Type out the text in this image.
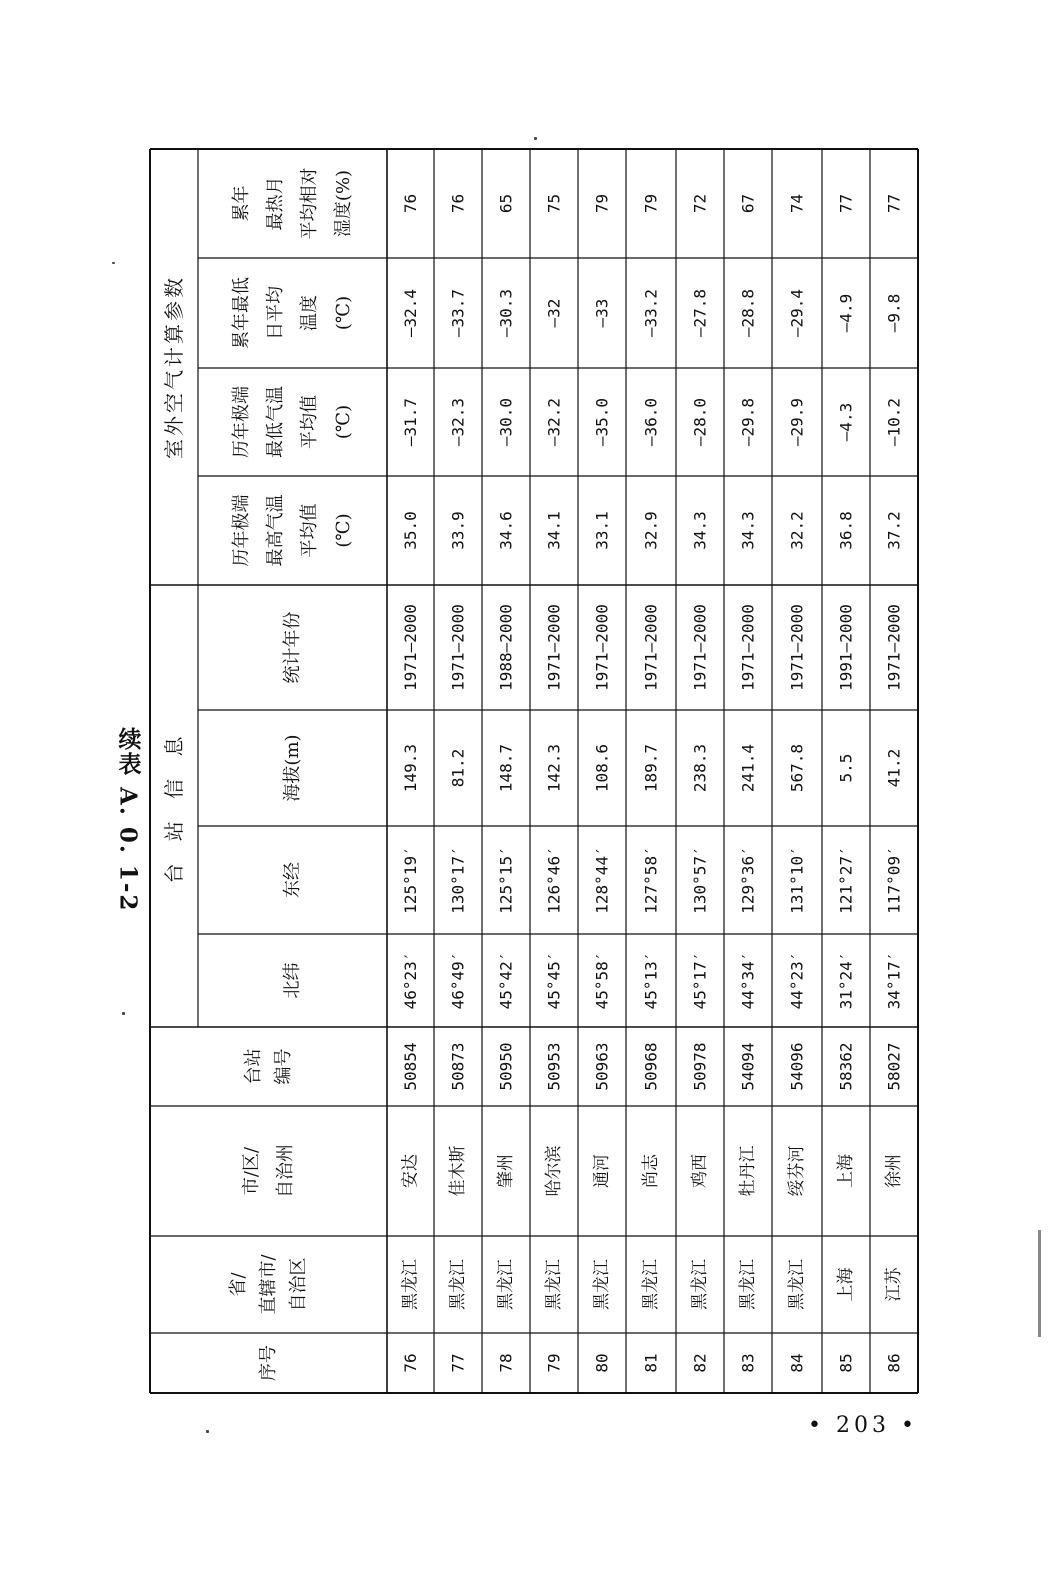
续表 A. 0. 1-2
室外空气计算参数
台 站 信 息
累年 最热月 平均相对 湿度(%)
累年最低 日平均 温度 (℃)
历年极端 最低气温 平均值 (℃)
历年极端 最高气温 平均值 (℃)
统计年份
海拔(m)
东经
北纬
台站 编号
市/区/ 自治州
省/ 直辖市/ 自治区
序号
76
—32.4
—31.7
35.0
1971—2000
149.3
125°19′
46°23′
50854
安达
黑龙江
76
76
—33.7
—32.3
33.9
1971—2000
81.2
130°17′
46°49′
50873
佳木斯
黑龙江
77
65
—30.3
—30.0
34.6
1988—2000
148.7
125°15′
45°42′
50950
肇州
黑龙江
78
75
—32
—32.2
34.1
1971—2000
142.3
126°46′
45°45′
50953
哈尔滨
黑龙江
79
79
—33
—35.0
33.1
1971—2000
108.6
128°44′
45°58′
50963
通河
黑龙江
80
79
—33.2
—36.0
32.9
1971—2000
189.7
127°58′
45°13′
50968
尚志
黑龙江
81
72
—27.8
—28.0
34.3
1971—2000
238.3
130°57′
45°17′
50978
鸡西
黑龙江
82
67
—28.8
—29.8
34.3
1971—2000
241.4
129°36′
44°34′
54094
牡丹江
黑龙江
83
74
—29.4
—29.9
32.2
1971—2000
567.8
131°10′
44°23′
54096
绥芬河
黑龙江
84
77
—4.9
—4.3
36.8
1991—2000
5.5
121°27′
31°24′
58362
上海
上海
85
77
—9.8
—10.2
37.2
1971—2000
41.2
117°09′
34°17′
58027
徐州
江苏
86
• 203 •
